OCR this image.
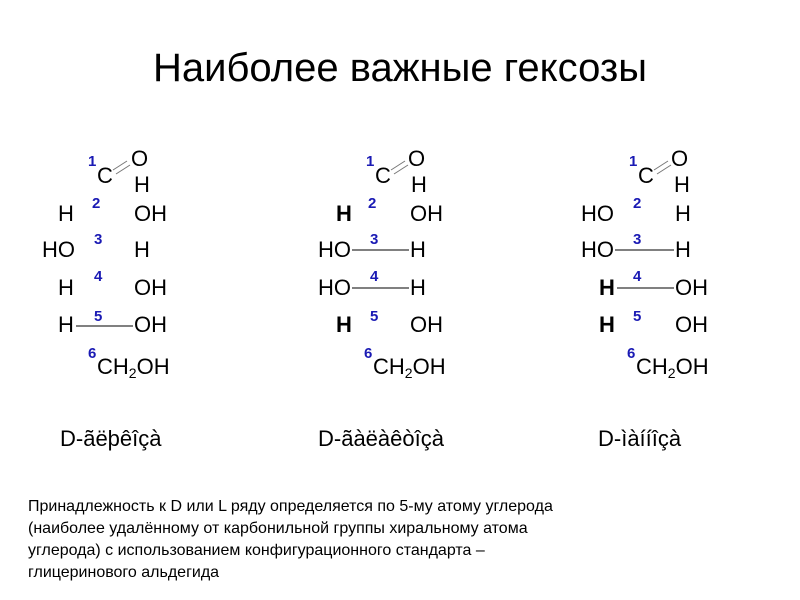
Наиболее важные гексозы
1
C
O
H
H 2 OH
HO 3 H
H 4 OH
H 5 OH
6
CH2OH
D-ãëþêîçà
1
C
O
H
H 2 OH
HO 3 H
HO 4 H
H 5 OH
6
CH2OH
D-ãàëàêòîçà
1
C
O
H
HO 2 H
HO 3 H
H 4 OH
H 5 OH
6
CH2OH
D-ìàííîçà

Принадлежность к D или L ряду определяется по 5-му атому углерода
(наиболее удалённому от карбонильной группы хиральному атома
углерода) с использованием конфигурационного стандарта –
глицеринового альдегида
